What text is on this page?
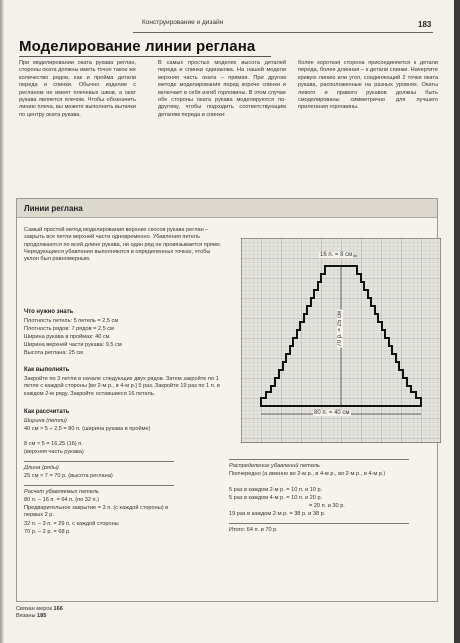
Конструирование и дизайн	183
Моделирование линии реглана
При моделировании оката рукава реглан, стороны оката должны иметь точно такое же количество рядов, как и пройма детали переда и спинки. Обычно изделие с регланом не имеет плечевых швов, а окат рукава является плечом. Чтобы обозначить линию плеча, вы можете выполнить вытачки по центру оката рукава.
В самых простых моделях высота деталей переда и спинки одинакова. На нашей модели верхняя часть оката – прямая. При другом методе моделирования перед короче спинки и включает в себя изгиб горловины. В этом случае обе стороны оката рукава моделируются по-другому, чтобы подходить соответствующим деталям переда и спинки:
более короткая сторона присоединяется к детали переда, более длинная – к детали спинки. Начертите кривую линию или угол, соединяющий 2 точки оката рукава, расположенные на разных уровнях. Окаты левого и правого рукавов должны быть смоделированы симметрично для лучшего прилегания горловины.
Линии реглана
Самый простой метод моделирования верхних скосов рукава реглан – закрыть все петли верхней части одновременно. Убавления петель продолжаются по всей длине рукава, ни один ряд не провязывается прямо. Чередующиеся убавления выполняются в определенных точках, чтобы уклон был равномерным.
Что нужно знать
Плотность петель: 5 петель = 2,5 см
Плотность рядов: 7 рядов = 2,5 см
Ширина рукава в проймах: 40 см
Ширина верхней части рукава: 9,5 см
Высота реглана: 25 см
Как выполнять
Закройте по 3 петли в начале следующих двух рядов. Затем закройте по 1 петле с каждой стороны [во 2-м р., в 4-м р.] 5 раз. Закройте 19 раз по 1 п. в каждом 2-м ряду. Закройте оставшиеся 16 петель.
Как рассчитать
Ширина (петли)
40 см × 5 ÷ 2,5 = 80 п. (ширина рукава в пройме)
8 см × 5 = 16,25 (16) п.
(верхняя часть рукава)
Длина (ряды)
25 см × 7 = 70 р. (высота реглана)
Расчет убавляемых петель
80 п. – 16 п. = 64 п. (по 32 п.)
Предварительное закрытие = 3 п. (с каждой стороны) в первых 2 р.
32 п. – 3 п. = 29 п. с каждой стороны
70 р. – 2 р. = 68 р.
Распределение убавлений петель
Поочередно (а именно во 2-м р., в 4-м р., во 2-м р., в 4-м р.)
5 раз в каждом 2-м р. = 10 п. и 10 р.
5 раз в каждом 4-м р. = 10 п. и 20 р.
= 20 п. и 30 р.
19 раз в каждом 2-м р. = 38 р. и 38 р.
Итого: 64 п. и 70 р.
16 п. = 8 см
70 р. = 25 см
80 п. = 40 см
Связан мерок 166
Вязаны 185
